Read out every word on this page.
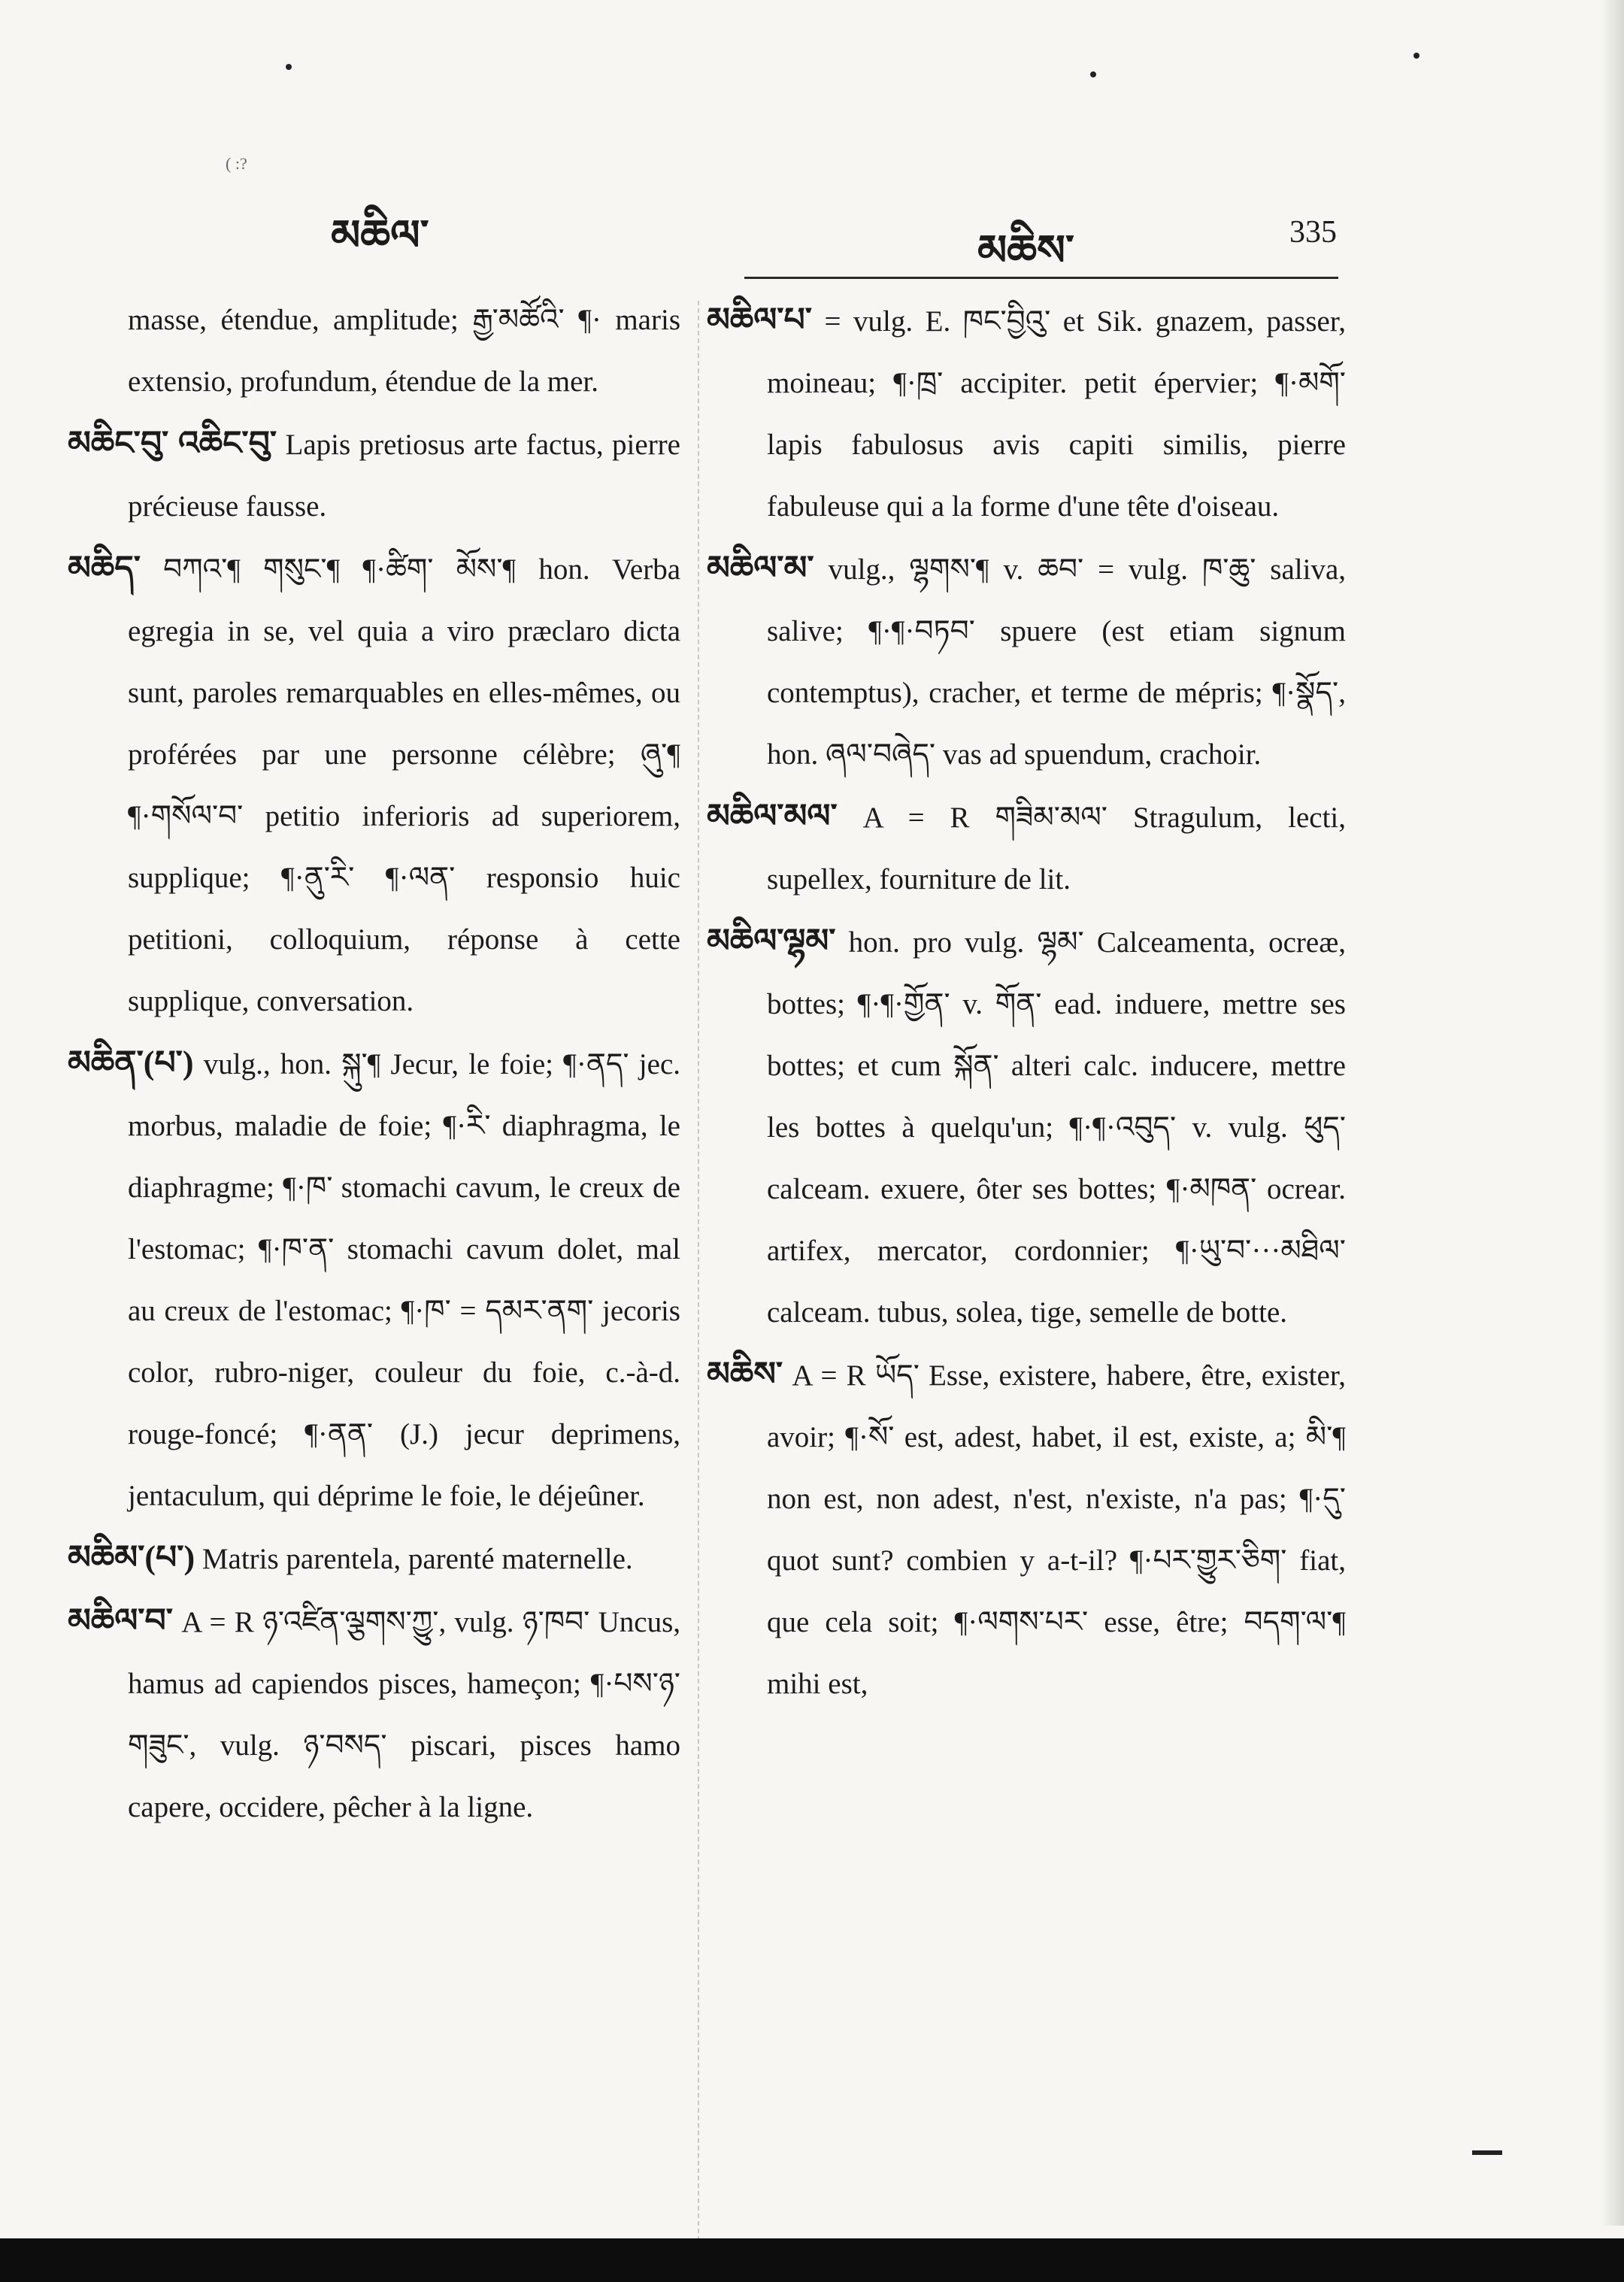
མཆིལ་	མཆིས་	335
( :?

masse, étendue, amplitude; རྒྱ་མཚོའི་ ¶· maris extensio, profundum, étendue de la mer.

མཆིང་བུ་ འཆིང་བུ་ Lapis pretiosus arte factus, pierre précieuse fausse.

མཆིད་ བཀའ་¶ གསུང་¶ ¶·ཚིག་ མོས་¶ hon. Verba egregia in se, vel quia a viro præclaro dicta sunt, paroles remarquables en elles-mêmes, ou proférées par une personne célèbre; ཞུ་¶ ¶·གསོལ་བ་ petitio inferioris ad superiorem, supplique; ¶·ནུ་རི་ ¶·ལན་ responsio huic petitioni, colloquium, réponse à cette supplique, conversation.

མཆིན་(པ་) vulg., hon. སྐུ་¶ Jecur, le foie; ¶·ནད་ jec. morbus, maladie de foie; ¶·རི་ diaphragma, le diaphragme; ¶·ཁ་ stomachi cavum, le creux de l'estomac; ¶·ཁ་ན་ stomachi cavum dolet, mal au creux de l'estomac; ¶·ཁ་ = དམར་ནག་ jecoris color, rubro-niger, couleur du foie, c.-à-d. rouge-foncé; ¶·ནན་ (J.) jecur deprimens, jentaculum, qui déprime le foie, le déjeûner.

མཆིམ་(པ་) Matris parentela, parenté maternelle.

མཆིལ་བ་ A = R ཉ་འཛིན་ལྕགས་ཀྱུ་, vulg. ཉ་ཁབ་ Uncus, hamus ad capiendos pisces, hameçon; ¶·པས་ཉ་གཟུང་, vulg. ཉ་བསད་ piscari, pisces hamo capere, occidere, pêcher à la ligne.

མཆིལ་པ་ = vulg. E. ཁང་བྱིའུ་ et Sik. gnazem, passer, moineau; ¶·ཁྲ་ accipiter. petit épervier; ¶·མགོ་ lapis fabulosus avis capiti similis, pierre fabuleuse qui a la forme d'une tête d'oiseau.

མཆིལ་མ་ vulg., ལྷགས་¶ v. ཆབ་ = vulg. ཁ་ཆུ་ saliva, salive; ¶·¶·བཏབ་ spuere (est etiam signum contemptus), cracher, et terme de mépris; ¶·སྣོད་, hon. ཞལ་བཞེད་ vas ad spuendum, crachoir.

མཆིལ་མལ་ A = R གཟིམ་མལ་ Stragulum, lecti, supellex, fourniture de lit.

མཆིལ་ལྷམ་ hon. pro vulg. ལྷམ་ Calceamenta, ocreæ, bottes; ¶·¶·གྱོན་ v. གོན་ ead. induere, mettre ses bottes; et cum སྐོན་ alteri calc. inducere, mettre les bottes à quelqu'un; ¶·¶·འབུད་ v. vulg. ཕུད་ calceam. exuere, ôter ses bottes; ¶·མཁན་ ocrear. artifex, mercator, cordonnier; ¶·ཡུ་བ་···མཐིལ་ calceam. tubus, solea, tige, semelle de botte.

མཆིས་ A = R ཡོད་ Esse, existere, habere, être, exister, avoir; ¶·སོ་ est, adest, habet, il est, existe, a; མི་¶ non est, non adest, n'est, n'existe, n'a pas; ¶·དུ་ quot sunt? combien y a-t-il? ¶·པར་གྱུར་ཅིག་ fiat, que cela soit; ¶·ལགས་པར་ esse, être; བདག་ལ་¶ mihi est,
